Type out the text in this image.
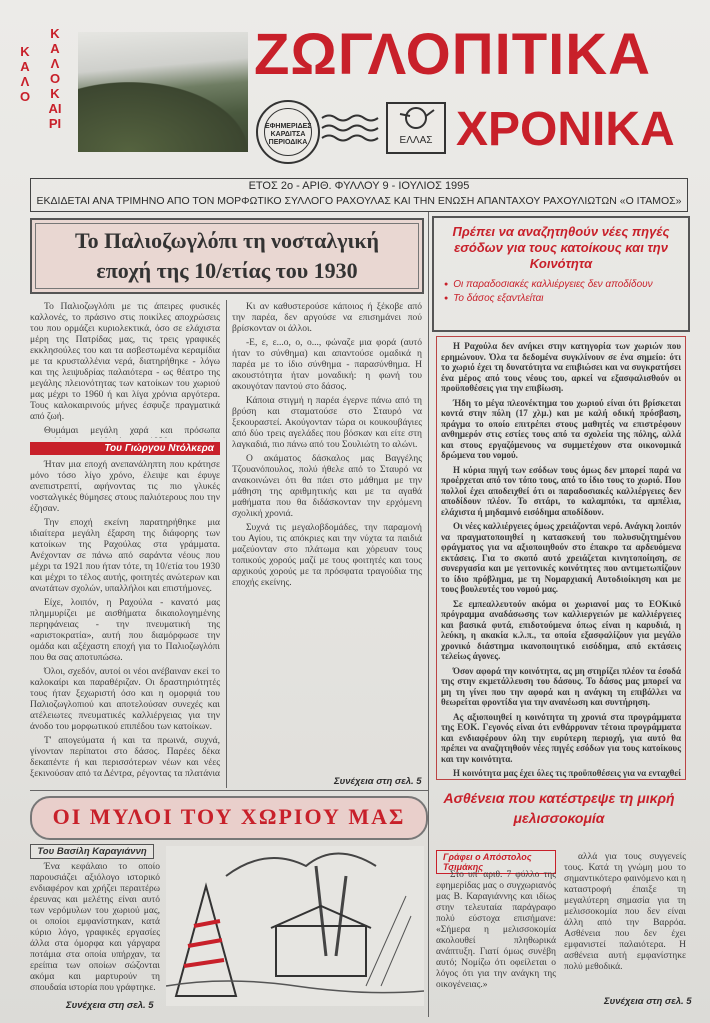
ΚΑΛΟ
ΚΑΛΟΚΑΙΡΙ
ΖΩΓΛΟΠΙΤΙΚΑ
ΧΡΟΝΙΚΑ
ΕΦΗΜΕΡΙΔΕΣ ΚΑΡΔΙΤΣΑ ΠΕΡΙΟΔΙΚΑ	ΕΛΛΑΣ
ΕΤΟΣ 2ο - ΑΡΙΘ. ΦΥΛΛΟΥ 9 - ΙΟΥΛΙΟΣ 1995
ΕΚΔΙΔΕΤΑΙ ΑΝΑ ΤΡΙΜΗΝΟ ΑΠΟ ΤΟΝ ΜΟΡΦΩΤΙΚΟ ΣΥΛΛΟΓΟ ΡΑΧΟΥΛΑΣ ΚΑΙ ΤΗΝ ΕΝΩΣΗ ΑΠΑΝΤΑΧΟΥ ΡΑΧΟΥΛΙΩΤΩΝ «Ο ΙΤΑΜΟΣ»
Το Παλιοζωγλόπι τη νοσταλγική
εποχή της 10/ετίας του 1930

Το Παλιοζωγλόπι με τις άπειρες φυσικές καλλονές, το πράσινο στις ποικίλες αποχρώσεις του που ορμάζει κυριολεκτικά, όσο σε ελάχιστα μέρη της Πατρίδας μας, τις τρεις γραφικές εκκλησούλες του και τα ασβεστωμένα κεραμίδια με τα κρυσταλλένια νερά, διατηρήθηκε - λόγω και της λειψυδρίας παλαιότερα - ως θέατρο της μεγάλης πλειονότητας των κατοίκων του χωριού μας μέχρι το 1960 ή και λίγα χρόνια αργότερα. Τους καλοκαιρινούς μήνες έσφυζε πραγματικά από ζωή.

Θυμάμαι μεγάλη χαρά και πρόσωπα

Του Γιώργου Ντόλκερα

Ήταν μια εποχή ανεπανάληπτη που κράτησε μόνο τόσο λίγο χρόνο, έλειψε και έφυγε ανεπιστρεπτί, αφήνοντας τις πιο γλυκές νοσταλγικές θύμησες στους παλιότερους που την έζησαν.

Την εποχή εκείνη παρατηρήθηκε μια ιδιαίτερα μεγάλη έξαρση της διάφορης των κατοίκων της Ραχούλας στα γράμματα. Ανέχονταν σε πάνω από σαράντα νέους που μέχρι τα 1921 που ήταν τότε, τη 10/ετία του 1930 και μέχρι το τέλος αυτής, φοιτητές ανώτερων και ανωτάτων σχολών, υπαλλήλοι και επιστήμονες.

Είχε, λοιπόν, η Ραχούλα - κανατό μας πλημμυρίζει με αισθήματα δικαιολογημένης περηφάνειας - την πνευματική της «αριστοκρατία», αυτή που διαμόρφωσε την ομάδα και αξέχαστη εποχή για το Παλιοζωγλόπι που θα σας αποτυπώσω.

Όλοι, σχεδόν, αυτοί οι νέοι ανέβαιναν εκεί το καλοκαίρι και παραθέριζαν. Οι δραστηριότητές τους ήταν ξεχωριστή όσο και η ομορφιά του Παλιοζωγλοπιού και αποτελούσαν συνεχές και ατέλειωτες πνευματικές καλλιέργειας για την άνοδο του μορφωτικού επιπέδου των κατοίκων.

Τ' απογεύματα ή και τα πρωινά, συχνά, γίνονταν περίπατοι στο δάσος. Παρέες δέκα δεκαπέντε ή και περισσότερων νέων και νέες ξεκινούσαν από τα Δέντρα, ρέγοντας τα πλατάνια

Κι αν καθυστερούσε κάποιος ή ξέκοβε από την παρέα, δεν αργούσε να επισημάνει πού βρίσκονταν οι άλλοι.

-Ε, ε, ε...ο, ο, ο..., φώναζε μια φορά (αυτό ήταν το σύνθημα) και απαντούσε ομαδικά η παρέα με το ίδιο σύνθημα - παρασύνθημα. Η ακουστότητα ήταν μοναδική: η φωνή του ακουγόταν παντού στο δάσος.

Κάποια στιγμή η παρέα έγερνε πάνω από τη βρύση και σταματούσε στο Σταυρό να ξεκουραστεί. Ακούγονταν τώρα οι κουκουβάγιες από δύο τρεις αγελάδες που βόσκαν και είτε στη λαγκαδιά, πιο πάνω από του Σουλιώτη το αλώνι.

Ο ακάματος δάσκαλος μας Βαγγέλης Τζουανόπουλος, πολύ ήθελε από το Σταυρό να ανακοινώνει ότι θα πάει στο μάθημα με την μάθηση της αριθμητικής και με τα αγαθά μαθήματα που θα διδάσκονταν την ερχόμενη σχολική χρονιά.

Συχνά τις μεγαλοβδομάδες, την παραμονή του Αγίου, τις απόκριες και την νύχτα τα παιδιά μαζεύονταν στο πλάτωμα και χόρευαν τους τοπικούς χορούς μαζί με τους φοιτητές και τους αρχικούς χορούς με τα πρόσφατα τραγούδια της εποχής εκείνης.

Συνέχεια στη σελ. 5
Πρέπει να αναζητηθούν νέες πηγές εσόδων για τους κατοίκους και την Κοινότητα
● Οι παραδοσιακές καλλιέργειες δεν αποδίδουν
● Το δάσος εξαντλείται

Η Ραχούλα δεν ανήκει στην κατηγορία των χωριών που ερημώνουν. Όλα τα δεδομένα συγκλίνουν σε ένα σημείο: ότι το χωριό έχει τη δυνατότητα να επιβιώσει και να συγκρατήσει ένα μέρος από τους νέους του, αρκεί να εξασφαλισθούν οι προϋποθέσεις για την επιβίωση.

Ήδη το μέγα πλεονέκτημα του χωριού είναι ότι βρίσκεται κοντά στην πόλη (17 χλμ.) και με καλή οδική πρόσβαση, πράγμα το οποίο επιτρέπει στους μαθητές να επιστρέφουν ανθημερόν στις εστίες τους από τα σχολεία της πόλης, αλλά και στους εργαζόμενους να συμμετέχουν στα οικονομικά δρώμενα του νομού.

Η κύρια πηγή των εσόδων τους όμως δεν μπορεί παρά να προέρχεται από τον τόπο τους, από το ίδιο τους το χωριό. Που πολλοί έχει αποδειχθεί ότι οι παραδοσιακές καλλιέργειες δεν αποδίδουν πλέον. Το σιτάρι, το καλαμπόκι, τα αμπέλια, ελάχιστα ή μηδαμινό εισόδημα αποδίδουν.

Οι νέες καλλιέργειες όμως χρειάζονται νερό. Ανάγκη λοιπόν να πραγματοποιηθεί η κατασκευή του πολυσυζητημένου φράγματος για να αξιοποιηθούν στο έπακρο τα αρδευόμενα εκτάσεις. Για το σκοπό αυτό χρειάζεται κινητοποίηση, σε συνεργασία και με γειτονικές κοινότητες που αντιμετωπίζουν το ίδιο πρόβλημα, με τη Νομαρχιακή Αυτοδιοίκηση και με τους βουλευτές του νομού μας.

Σε εμπεαλλευτούν ακόμα οι χωριανοί μας το ΕΟΚικό πρόγραμμα αναδάσωσης των καλλιεργειών με καλλιέργειες και βασικά φυτά, επιδοτούμενα όπως είναι η καρυδιά, η λεύκη, η ακακία κ.λ.π., τα οποία εξασφαλίζουν για μεγάλο χρονικό διάστημα ικανοποιητικό εισόδημα, από εκτάσεις τελείως άγονες.

Όσον αφορά την κοινότητα, ας μη στηρίζει πλέον τα έσοδά της στην εκμετάλλευση του δάσους. Το δάσος μας μπορεί να μη τη γίνει που την αφορά και η ανάγκη τη επιβάλλει να θεωρείται φροντίδα για την ανανέωση και συντήρηση.

Ας αξιοποιηθεί η κοινότητα τη χρονιά στα προγράμματα της ΕΟΚ. Γεγονός είναι ότι ενθάρρυναν τέτοια προγράμματα και ενδιαφέρουν όλη την ευρύτερη περιοχή, για αυτό θα πρέπει να αναζητηθούν νέες πηγές εσόδων για τους κατοίκους και την κοινότητα.

Η κοινότητα μας έχει όλες τις προϋποθέσεις για να ενταχθεί

ΟΙ ΜΥΛΟΙ ΤΟΥ ΧΩΡΙΟΥ ΜΑΣ
Του Βασίλη Καραγιάννη

Ένα κεφάλαιο το οποίο παρουσιάζει αξιόλογο ιστορικό ενδιαφέρον και χρήζει περαιτέρω έρευνας και μελέτης είναι αυτό των νερόμυλων του χωριού μας, οι οποίοι εμφανίστηκαν, κατά κύριο λόγο, γραφικές εργασίες άλλα στα όμορφα και γάργαρα ποτάμια στα οποία υπήρχαν, τα ερείπια των οποίων σώζονται ακόμα και μαρτυρούν τη σπουδαία ιστορία που γράφτηκε.

Συνέχεια στη σελ. 5
Ασθένεια που κατέστρεψε τη μικρή μελισσοκομία
Γράφει ο Απόστολος Τσιμάκης

Στο υπ' αριθ. 7 φύλλο της εφημερίδας μας ο συγχωριανός μας Β. Καραγιάννης και ιδίως στην τελευταία παράγραφο πολύ εύστοχα επισήμανε: «Σήμερα η μελισσοκομία ακολουθεί πληθωρικά ανάπτυξη. Γιατί όμως συνέβη αυτό; Νομίζω ότι οφείλεται ο λόγος ότι για την ανάγκη της οικογένειας.»

αλλά για τους συγγενείς τους. Κατά τη γνώμη μου το σημαντικότερο φαινόμενο και η καταστροφή έπαιξε τη μεγαλύτερη σημασία για τη μελισσοκομία που δεν είναι άλλη από την Βαρρόα. Ασθένεια που δεν έχει εμφανιστεί παλαιότερα. Η ασθένεια αυτή εμφανίστηκε πολύ μεθοδικά.

Συνέχεια στη σελ. 5
